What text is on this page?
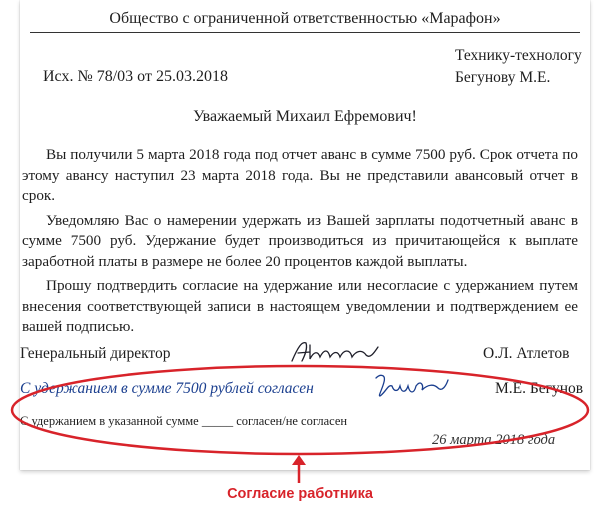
Общество с ограниченной ответственностью «Марафон»
Технику-технологу
Бегунову М.Е.
Исх. № 78/03 от 25.03.2018
Уважаемый Михаил Ефремович!

Вы получили 5 марта 2018 года под отчет аванс в сумме 7500 руб. Срок отчета по этому авансу наступил 23 марта 2018 года. Вы не представили авансовый отчет в срок.

Уведомляю Вас о намерении удержать из Вашей зарплаты подотчетный аванс в сумме 7500 руб. Удержание будет производиться из причитающейся к выплате заработной платы в размере не более 20 процентов каждой выплаты.

Прошу подтвердить согласие на удержание или несогласие с удержанием путем внесения соответствующей записи в настоящем уведомлении и подтверждением ее вашей подписью.

Генеральный директор	О.Л. Атлетов
С удержанием в сумме 7500 рублей согласен	М.Е. Бегунов
С удержанием в указанной сумме _____ согласен/не согласен
26 марта 2018 года
Согласие работника
